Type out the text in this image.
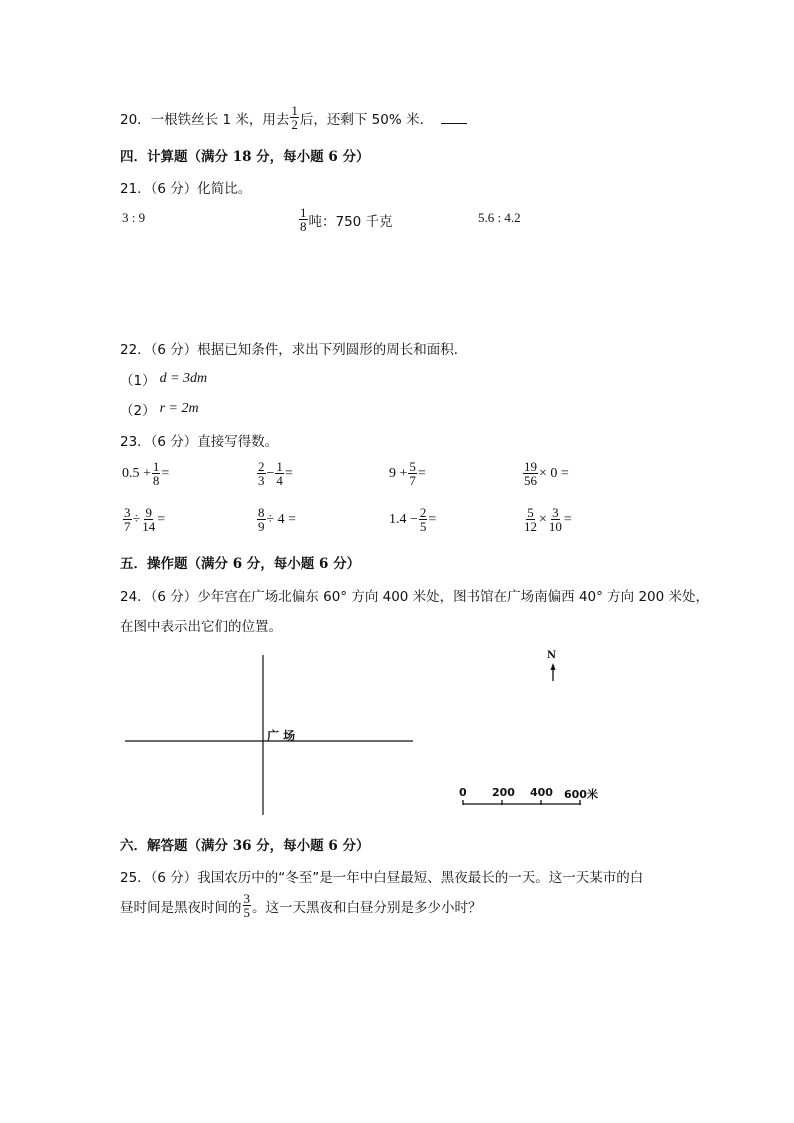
20． 一根铁丝长 1 米，用去 $\frac{1}{2}$ 后，还剩下 50% 米．
四．计算题（满分 18 分，每小题 6 分）
21．（6 分）化简比。
3 : 9	$\frac{1}{8}$ 吨：750 千克	5.6 : 4.2
22．（6 分）根据已知条件，求出下列圆形的周长和面积．
（1） d = 3dm
（2） r = 2m
23．（6 分）直接写得数。
$0.5 + \frac{1}{8}$ =	$\frac{2}{3} - \frac{1}{4}$ =	$9 + \frac{5}{7}$ =	$\frac{19}{56} \times 0$ =
$\frac{3}{7} \div \frac{9}{14}$ =	$\frac{8}{9} \div 4$ =	$1.4 - \frac{2}{5}$ =	$\frac{5}{12} \times \frac{3}{10}$ =
五．操作题（满分 6 分，每小题 6 分）
24．（6 分）少年宫在广场北偏东 60° 方向 400 米处，图书馆在广场南偏西 40° 方向 200 米处，
在图中表示出它们的位置。
广 场
N
0 200 400 600米
六．解答题（满分 36 分，每小题 6 分）
25．（6 分）我国农历中的“冬至”是一年中白昼最短、黑夜最长的一天。这一天某市的白
昼时间是黑夜时间的 $\frac{3}{5}$ 。这一天黑夜和白昼分别是多少小时？
